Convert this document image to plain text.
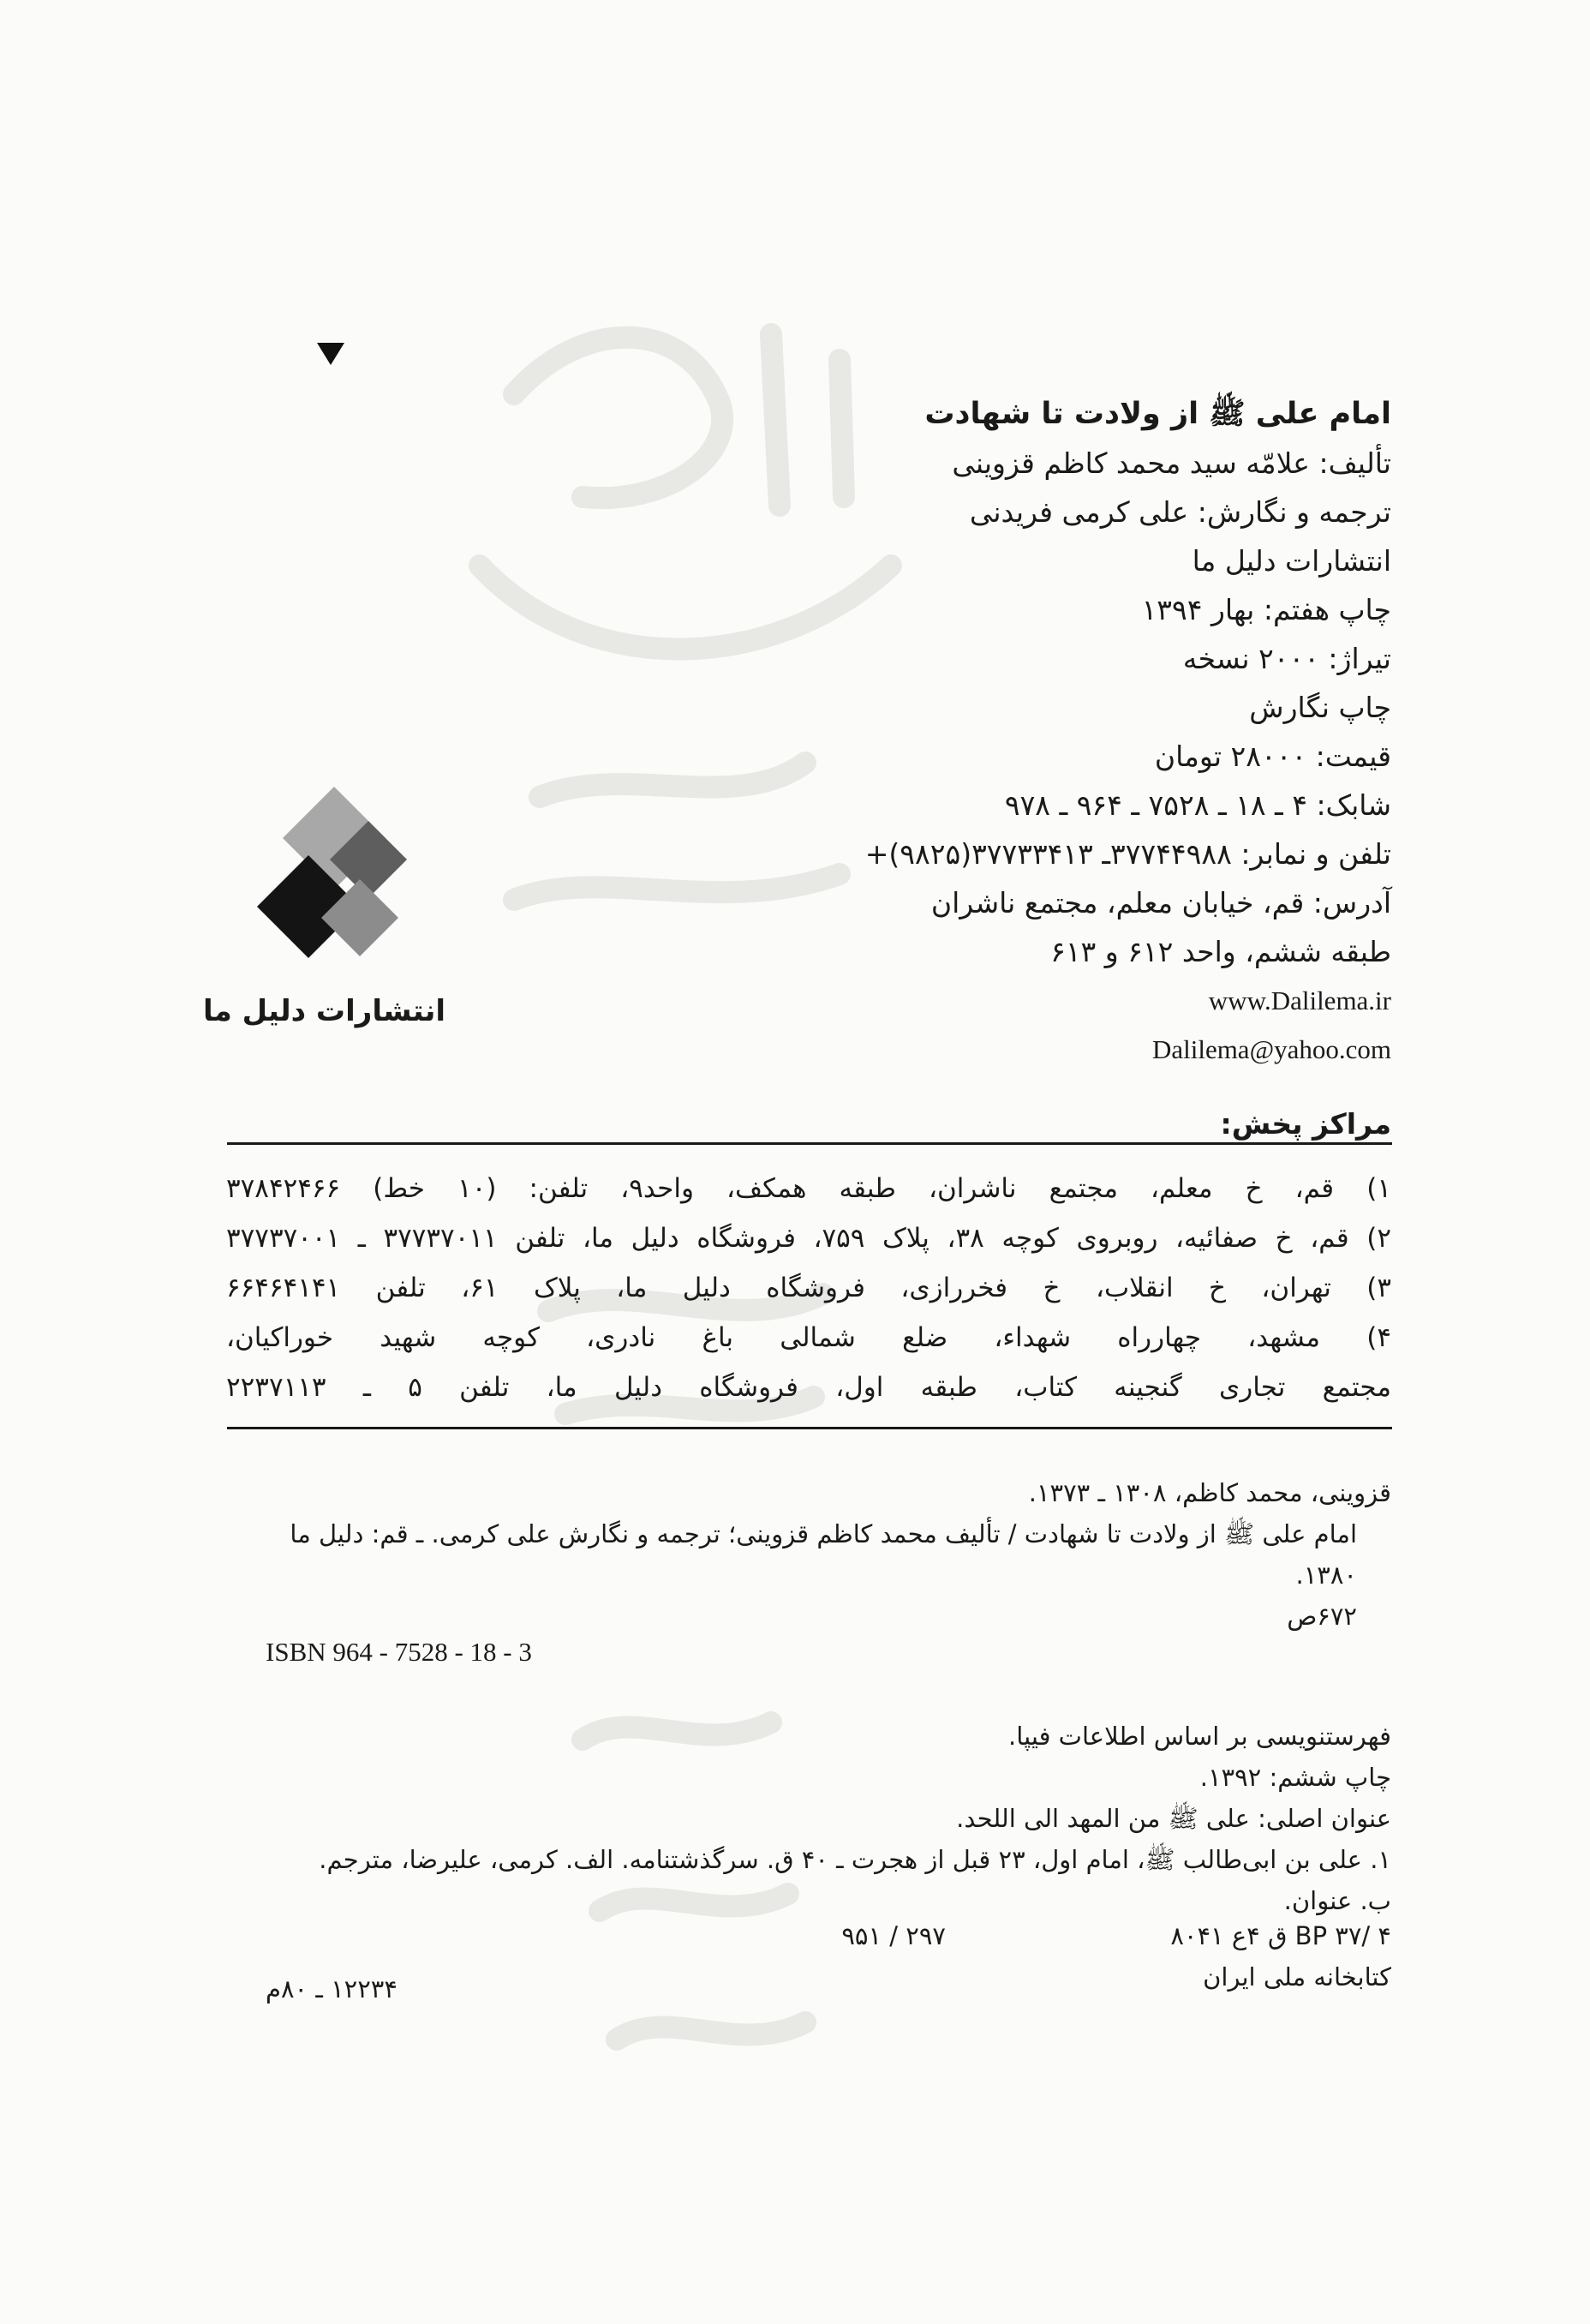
امام علی ﷺ از ولادت تا شهادت
تألیف: علامّه سید محمد کاظم قزوینی
ترجمه و نگارش: علی کرمی فریدنی
انتشارات دلیل ما
چاپ هفتم: بهار ۱۳۹۴
تیراژ: ۲۰۰۰ نسخه
چاپ نگارش
قیمت: ۲۸۰۰۰ تومان
شابک: ۴ ـ ۱۸ ـ ۷۵۲۸ ـ ۹۶۴ ـ ۹۷۸
تلفن و نمابر: ۳۷۷۴۴۹۸۸ـ ۳۷۷۳۳۴۱۳(۹۸۲۵)+
آدرس: قم، خیابان معلم، مجتمع ناشران
طبقه ششم، واحد ۶۱۲ و ۶۱۳
www.Dalilema.ir
Dalilema@yahoo.com
انتشارات دلیل ما
مراکز پخش:
۱) قم، خ معلم، مجتمع ناشران، طبقه همکف، واحد۹، تلفن: (۱۰ خط) ۳۷۸۴۲۴۶۶
۲) قم، خ صفائیه، روبروی کوچه ۳۸، پلاک ۷۵۹، فروشگاه دلیل ما، تلفن ۳۷۷۳۷۰۱۱ ـ ۳۷۷۳۷۰۰۱
۳) تهران، خ انقلاب، خ فخررازی، فروشگاه دلیل ما، پلاک ۶۱، تلفن ۶۶۴۶۴۱۴۱
۴) مشهد، چهارراه شهداء، ضلع شمالی باغ نادری، کوچه شهید خوراکیان،
مجتمع تجاری گنجینه کتاب، طبقه اول، فروشگاه دلیل ما، تلفن ۵ ـ ۲۲۳۷۱۱۳
قزوینی، محمد کاظم، ۱۳۰۸ ـ ۱۳۷۳.
امام علی ﷺ از ولادت تا شهادت / تألیف محمد کاظم قزوینی؛ ترجمه و نگارش علی کرمی. ـ قم: دلیل ما
۱۳۸۰.
۶۷۲ص
ISBN 964 - 7528 - 18 - 3
فهرستنویسی بر اساس اطلاعات فیپا.
چاپ ششم: ۱۳۹۲.
عنوان اصلی: علی ﷺ من المهد الی اللحد.
۱. علی بن ابی‌طالب ﷺ، امام اول، ۲۳ قبل از هجرت ـ ۴۰ ق. سرگذشتنامه. الف. کرمی، علیرضا، مترجم.
ب. عنوان.
BP ۳۷/ ۴ ق ۴ع ۸۰۴۱
۲۹۷ / ۹۵۱
کتابخانه ملی ایران
۱۲۲۳۴ ـ ۸۰م
